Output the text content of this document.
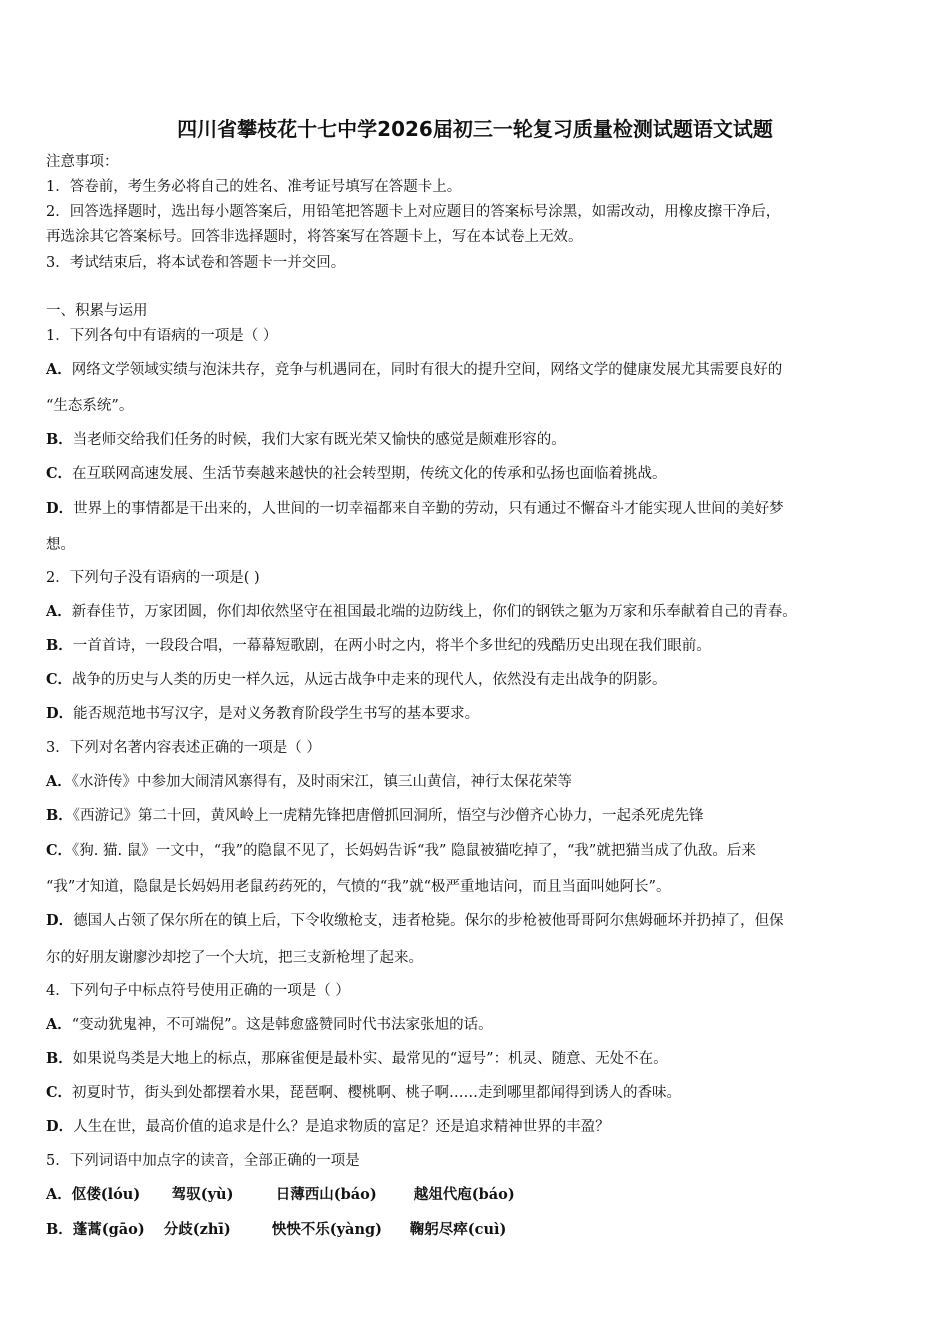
四川省攀枝花十七中学2026届初三一轮复习质量检测试题语文试题
注意事项：
1．答卷前，考生务必将自己的姓名、准考证号填写在答题卡上。
2．回答选择题时，选出每小题答案后，用铅笔把答题卡上对应题目的答案标号涂黑，如需改动，用橡皮擦干净后，
再选涂其它答案标号。回答非选择题时，将答案写在答题卡上，写在本试卷上无效。
3．考试结束后，将本试卷和答题卡一并交回。
一、积累与运用
1．下列各句中有语病的一项是（ ）
A．网络文学领域实绩与泡沫共存，竞争与机遇同在，同时有很大的提升空间，网络文学的健康发展尤其需要良好的
“生态系统”。
B．当老师交给我们任务的时候，我们大家有既光荣又愉快的感觉是颇难形容的。
C．在互联网高速发展、生活节奏越来越快的社会转型期，传统文化的传承和弘扬也面临着挑战。
D．世界上的事情都是干出来的，人世间的一切幸福都来自辛勤的劳动，只有通过不懈奋斗才能实现人世间的美好梦
想。
2．下列句子没有语病的一项是( )
A．新春佳节，万家团圆，你们却依然坚守在祖国最北端的边防线上，你们的钢铁之躯为万家和乐奉献着自己的青春。
B．一首首诗，一段段合唱，一幕幕短歌剧，在两小时之内，将半个多世纪的残酷历史出现在我们眼前。
C．战争的历史与人类的历史一样久远，从远古战争中走来的现代人，依然没有走出战争的阴影。
D．能否规范地书写汉字，是对义务教育阶段学生书写的基本要求。
3．下列对名著内容表述正确的一项是（ ）
A．《水浒传》中参加大闹清风寨得有，及时雨宋江，镇三山黄信，神行太保花荣等
B．《西游记》第二十回，黄风岭上一虎精先锋把唐僧抓回洞所，悟空与沙僧齐心协力，一起杀死虎先锋
C．《狗. 猫. 鼠》一文中，“我”的隐鼠不见了，长妈妈告诉“我” 隐鼠被猫吃掉了，“我”就把猫当成了仇敌。后来
“我”才知道，隐鼠是长妈妈用老鼠药药死的，气愤的“我”就“极严重地诘问，而且当面叫她阿长”。
D．德国人占领了保尔所在的镇上后，下令收缴枪支，违者枪毙。保尔的步枪被他哥哥阿尔焦姆砸坏并扔掉了，但保
尔的好朋友谢廖沙却挖了一个大坑，把三支新枪埋了起来。
4．下列句子中标点符号使用正确的一项是（ ）
A．“变动犹鬼神，不可端倪”。这是韩愈盛赞同时代书法家张旭的话。
B．如果说鸟类是大地上的标点，那麻雀便是最朴实、最常见的“逗号”：机灵、随意、无处不在。
C．初夏时节，街头到处都摆着水果，琵琶啊、樱桃啊、桃子啊……走到哪里都闻得到诱人的香味。
D．人生在世，最高价值的追求是什么？是追求物质的富足？还是追求精神世界的丰盈？
5．下列词语中加点字的读音，全部正确的一项是
A．伛偻(lóu) 驾驭(yù)	日薄西山(báo)	越俎代庖(báo)
B．蓬蒿(gāo) 分歧(zhī)	怏怏不乐(yàng) 鞠躬尽瘁(cuì)
